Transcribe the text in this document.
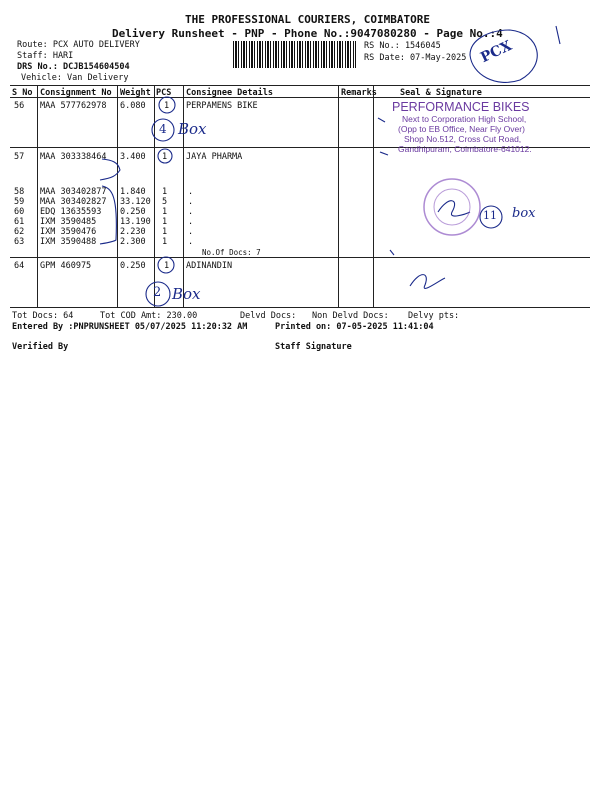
THE PROFESSIONAL COURIERS, COIMBATORE
Delivery Runsheet - PNP - Phone No.:9047080280 - Page No.:4
Route: PCX AUTO DELIVERY
Staff: HARI
DRS No.: DCJB154604504
Vehicle: Van Delivery
RS No.: 1546045
RS Date: 07-May-2025
S No Consignment No Weight PCS Consignee Details	Remarks	Seal & Signature
56 MAA 577762978 6.080 1 PERPAMENS BIKE
57 MAA 303338464 3.400 1 JAYA PHARMA
58 MAA 303402877 1.840 1 .
59 MAA 303402827 33.120 5 .
60 EDQ 13635593 0.250 1 .
61 IXM 3590485	13.190 1 .
62 IXM 3590476	2.230 1 .
63 IXM 3590488	2.300 1 .
No.Of Docs: 7
64 GPM 460975	0.250 1 ADINANDIN
4 Box
2 Box
PCX
11 box
PERFORMANCE BIKES
Next to Corporation High School,
(Opp to EB Office, Near Fly Over)
Shop No.512, Cross Cut Road,
Gandhipuram, Coimbatore-641012.
Tot Docs: 64	Tot COD Amt: 230.00	Delvd Docs: Non Delvd Docs: Delvy pts:
Entered By :PNPRUNSHEET 05/07/2025 11:20:32 AM	Printed on: 07-05-2025 11:41:04
Verified By	Staff Signature
